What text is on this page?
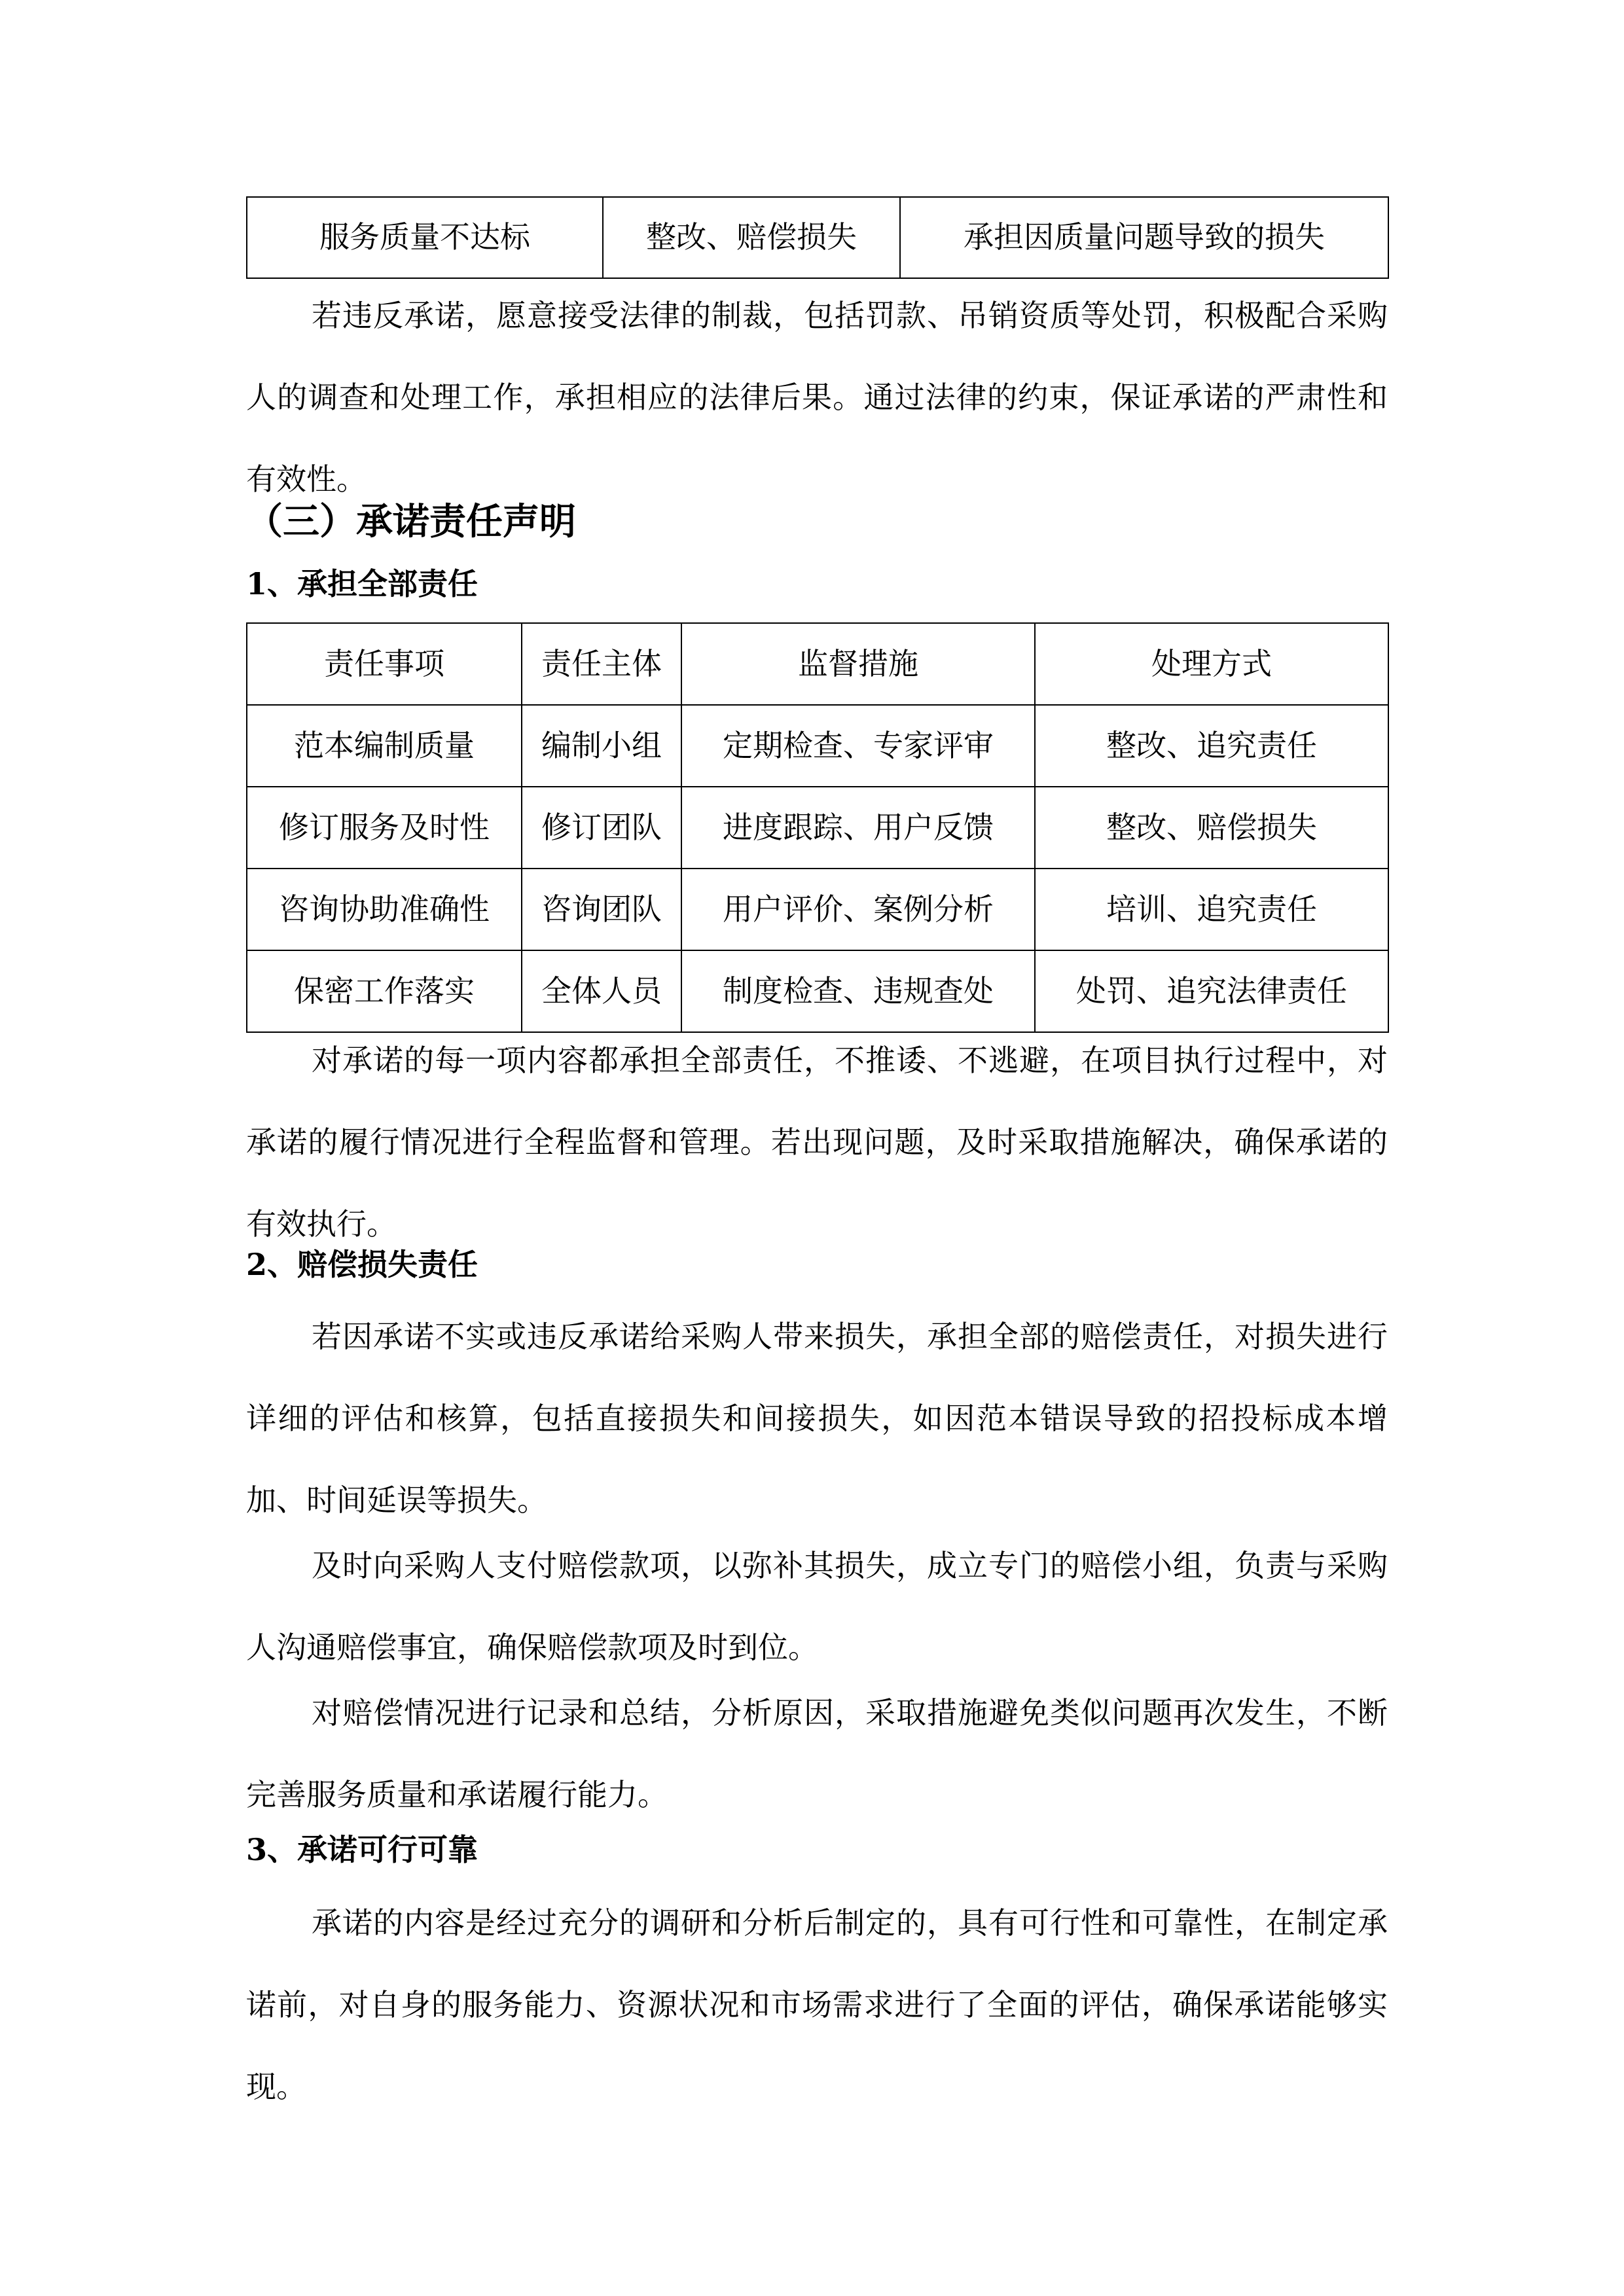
服务质量不达标	整改、赔偿损失	承担因质量问题导致的损失

若违反承诺，愿意接受法律的制裁，包括罚款、吊销资质等处罚，积极配合采购人的调查和处理工作，承担相应的法律后果。通过法律的约束，保证承诺的严肃性和有效性。

（三）承诺责任声明
1、承担全部责任
责任事项	责任主体	监督措施	处理方式
范本编制质量	编制小组	定期检查、专家评审	整改、追究责任
修订服务及时性	修订团队	进度跟踪、用户反馈	整改、赔偿损失
咨询协助准确性	咨询团队	用户评价、案例分析	培训、追究责任
保密工作落实	全体人员	制度检查、违规查处	处罚、追究法律责任

对承诺的每一项内容都承担全部责任，不推诿、不逃避，在项目执行过程中，对承诺的履行情况进行全程监督和管理。若出现问题，及时采取措施解决，确保承诺的有效执行。

2、赔偿损失责任

若因承诺不实或违反承诺给采购人带来损失，承担全部的赔偿责任，对损失进行详细的评估和核算，包括直接损失和间接损失，如因范本错误导致的招投标成本增加、时间延误等损失。

及时向采购人支付赔偿款项，以弥补其损失，成立专门的赔偿小组，负责与采购人沟通赔偿事宜，确保赔偿款项及时到位。

对赔偿情况进行记录和总结，分析原因，采取措施避免类似问题再次发生，不断完善服务质量和承诺履行能力。

3、承诺可行可靠

承诺的内容是经过充分的调研和分析后制定的，具有可行性和可靠性，在制定承诺前，对自身的服务能力、资源状况和市场需求进行了全面的评估，确保承诺能够实现。
